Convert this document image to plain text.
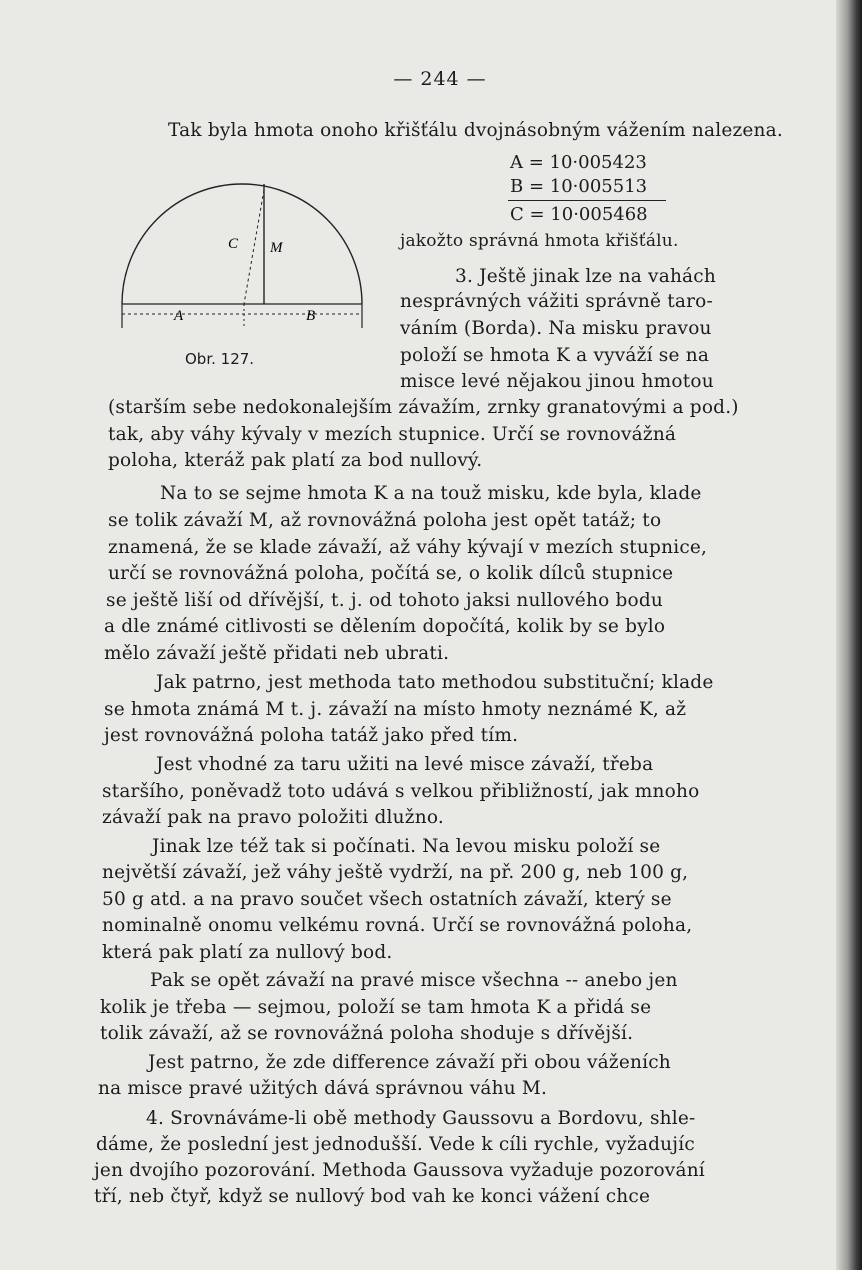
— 244 —
Tak byla hmota onoho křišťálu dvojnásobným vážením nalezena.
A = 10·005423
B = 10·005513
C = 10·005468
C M
A	B
Obr. 127.
jakožto správná hmota křišťálu.
3. Ještě jinak lze na vahách
nesprávných vážiti správně taro-
váním (Borda). Na misku pravou
položí se hmota K a vyváží se na
misce levé nějakou jinou hmotou
(starším sebe nedokonalejším závažím, zrnky granatovými a pod.)
tak, aby váhy kývaly v mezích stupnice. Určí se rovnovážná
poloha, kteráž pak platí za bod nullový.
Na to se sejme hmota K a na touž misku, kde byla, klade
se tolik závaží M, až rovnovážná poloha jest opět tatáž; to
znamená, že se klade závaží, až váhy kývají v mezích stupnice,
určí se rovnovážná poloha, počítá se, o kolik dílců stupnice
se ještě liší od dřívější, t. j. od tohoto jaksi nullového bodu
a dle známé citlivosti se dělením dopočítá, kolik by se bylo
mělo závaží ještě přidati neb ubrati.
Jak patrno, jest methoda tato methodou substituční; klade
se hmota známá M t. j. závaží na místo hmoty neznámé K, až
jest rovnovážná poloha tatáž jako před tím.
Jest vhodné za taru užiti na levé misce závaží, třeba
staršího, poněvadž toto udává s velkou přibližností, jak mnoho
závaží pak na pravo položiti dlužno.
Jinak lze též tak si počínati. Na levou misku položí se
největší závaží, jež váhy ještě vydrží, na př. 200 g, neb 100 g,
50 g atd. a na pravo součet všech ostatních závaží, který se
nominalně onomu velkému rovná. Určí se rovnovážná poloha,
která pak platí za nullový bod.
Pak se opět závaží na pravé misce všechna -- anebo jen
kolik je třeba — sejmou, položí se tam hmota K a přidá se
tolik závaží, až se rovnovážná poloha shoduje s dřívější.
Jest patrno, že zde difference závaží při obou váženích
na misce pravé užitých dává správnou váhu M.
4. Srovnáváme-li obě methody Gaussovu a Bordovu, shle-
dáme, že poslední jest jednodušší. Vede k cíli rychle, vyžadujíc
jen dvojího pozorování. Methoda Gaussova vyžaduje pozorování
tří, neb čtyř, když se nullový bod vah ke konci vážení chce
